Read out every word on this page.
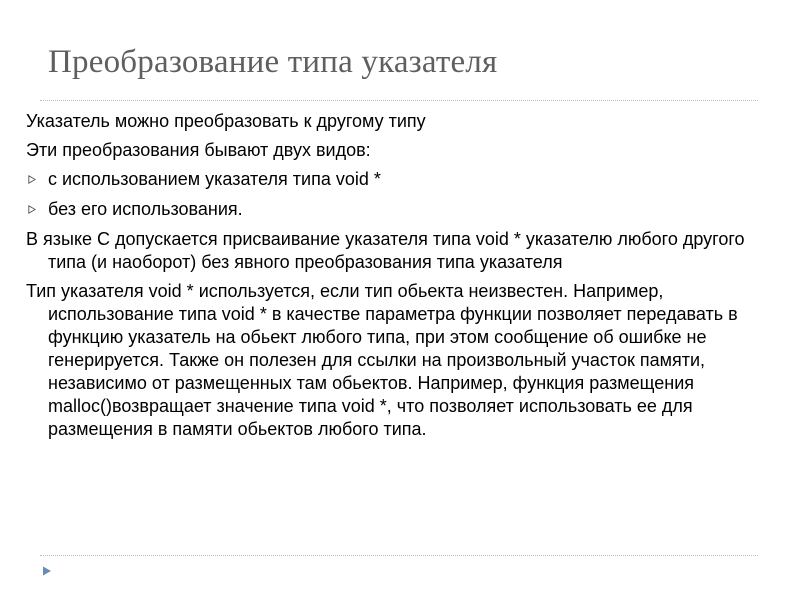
Преобразование типа указателя
Указатель можно преобразовать к другому типу
Эти преобразования бывают двух видов:
с использованием указателя типа void *
без его использования.
В языке С допускается присваивание указателя типа void * указателю любого другого типа (и наоборот) без явного преобразования типа указателя
Тип указателя void * используется, если тип обьекта неизвестен. Например, использование типа void * в качестве параметра функции позволяет передавать в функцию указатель на обьект любого типа, при этом сообщение об ошибке не генерируется. Также он полезен для ссылки на произвольный участок памяти, независимо от размещенных там обьектов. Например, функция размещения malloc()возвращает значение типа void *, что позволяет использовать ее для размещения в памяти обьектов любого типа.
